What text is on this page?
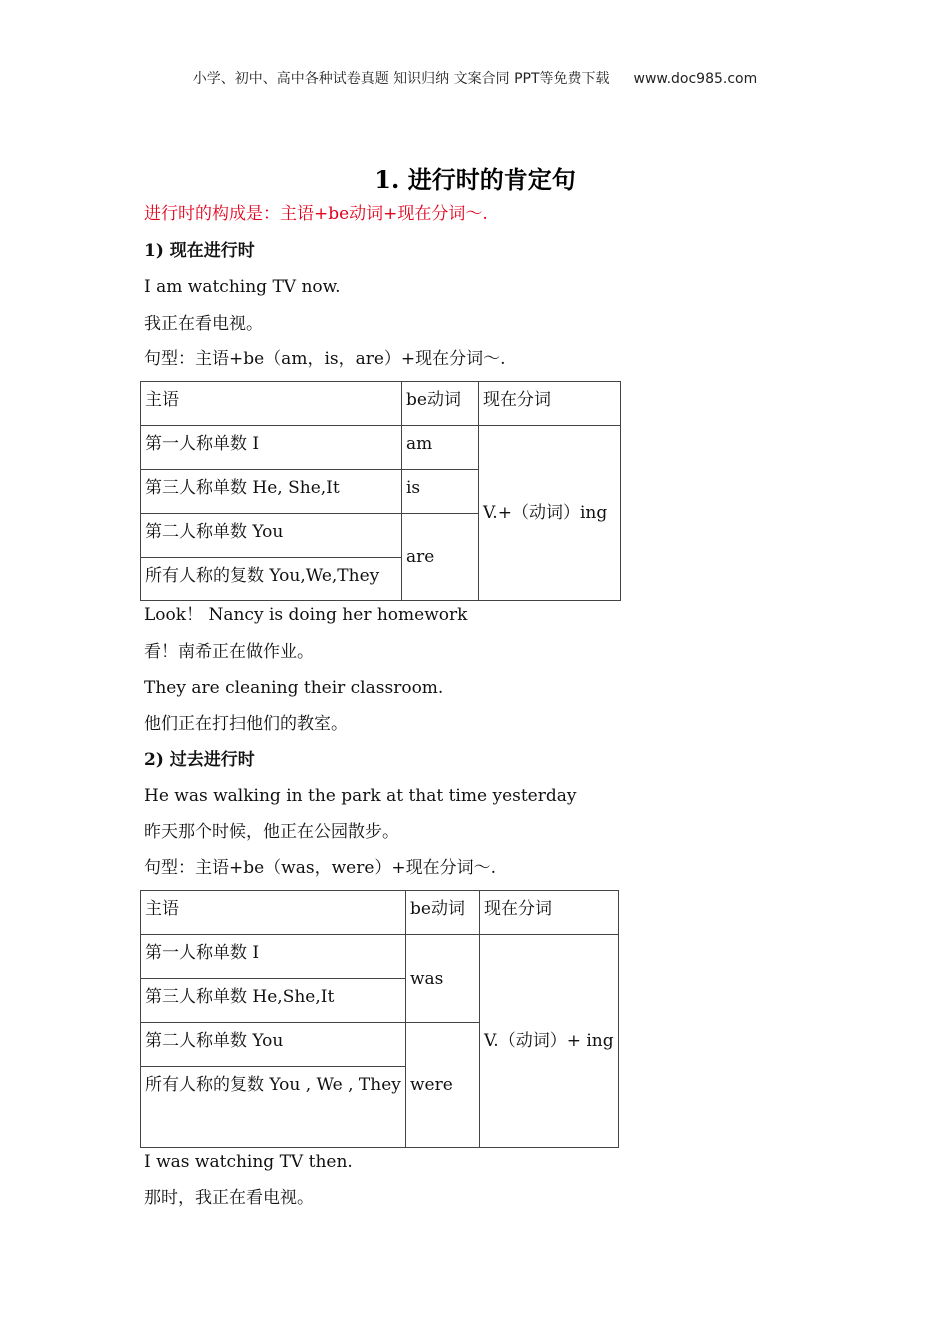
小学、初中、高中各种试卷真题 知识归纳 文案合同 PPT等免费下载 www.doc985.com
1. 进行时的肯定句
进行时的构成是：主语+be动词+现在分词～.
1) 现在进行时
I am watching TV now.
我正在看电视。
句型：主语+be（am，is，are）+现在分词～.
主语	be动词	现在分词
第一人称单数 I	am	V.+（动词）ing
第三人称单数 He, She,It	is	
第二人称单数 You	are	
所有人称的复数 You,We,They		
Look！ Nancy is doing her homework
看！南希正在做作业。
They are cleaning their classroom.
他们正在打扫他们的教室。
2) 过去进行时
He was walking in the park at that time yesterday
昨天那个时候，他正在公园散步。
句型：主语+be（was，were）+现在分词～.
主语	be动词	现在分词
第一人称单数 I	was	V.（动词）+ ing
第三人称单数 He,She,It		
第二人称单数 You	were	
所有人称的复数 You , We , They		
I was watching TV then.
那时，我正在看电视。
